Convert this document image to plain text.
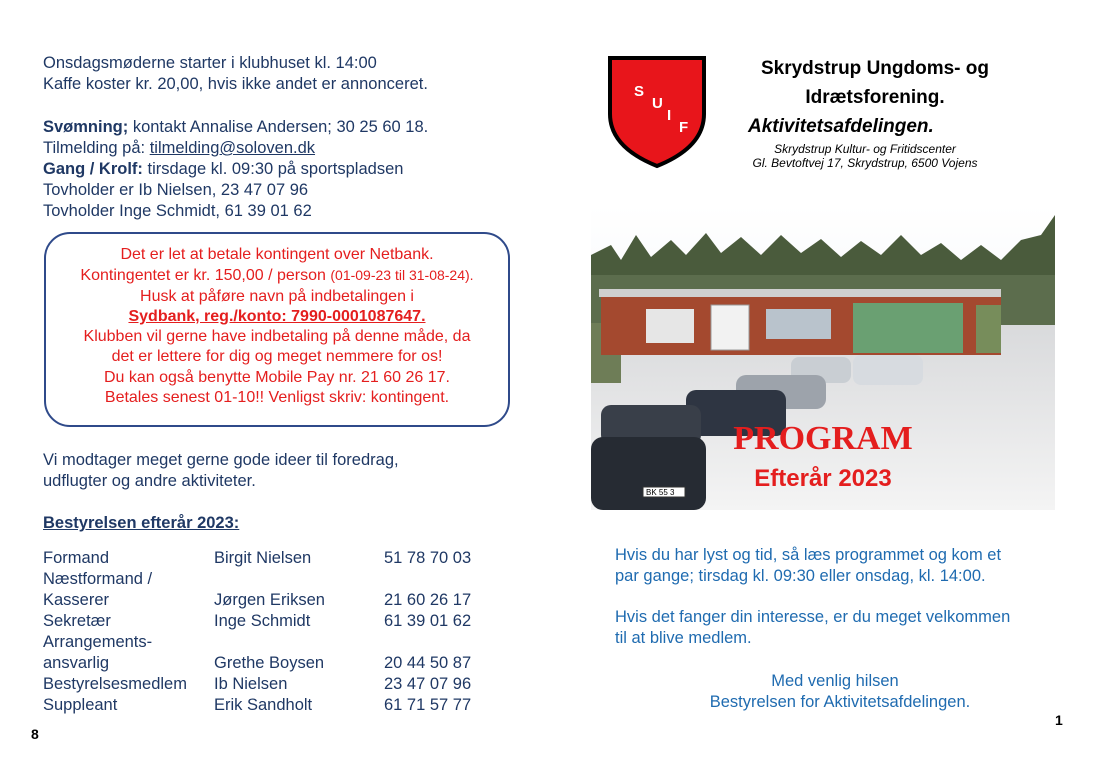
Onsdagsmøderne starter i klubhuset kl. 14:00
Kaffe koster kr. 20,00, hvis ikke andet er annonceret.
Svømning; kontakt Annalise Andersen; 30 25 60 18.
Tilmelding på: tilmelding@soloven.dk
Gang / Krolf: tirsdage kl. 09:30 på sportspladsen
Tovholder er Ib Nielsen, 23 47 07 96
Tovholder Inge Schmidt, 61 39 01 62
Det er let at betale kontingent over Netbank.
Kontingentet er kr. 150,00 / person (01-09-23 til 31-08-24).
Husk at påføre navn på indbetalingen i
Sydbank, reg./konto: 7990-0001087647.
Klubben vil gerne have indbetaling på denne måde, da
det er lettere for dig og meget nemmere for os!
Du kan også benytte Mobile Pay nr. 21 60 26 17.
Betales senest 01-10!! Venligst skriv: kontingent.
Vi modtager meget gerne gode ideer til foredrag,
udflugter og andre aktiviteter.
Bestyrelsen efterår 2023:
Formand	Birgit Nielsen	51 78 70 03
Næstformand /
Kasserer	Jørgen Eriksen	21 60 26 17
Sekretær	Inge Schmidt	61 39 01 62
Arrangements-
ansvarlig	Grethe Boysen	20 44 50 87
Bestyrelsesmedlem Ib Nielsen	23 47 07 96
Suppleant	Erik Sandholt	61 71 57 77
8
S
U
I
F
Skrydstrup Ungdoms- og
Idrætsforening.
Aktivitetsafdelingen.
Skrydstrup Kultur- og Fritidscenter
Gl. Bevtoftvej 17, Skrydstrup, 6500 Vojens
BK 55 3
PROGRAM
Efterår 2023
Hvis du har lyst og tid, så læs programmet og kom et
par gange; tirsdag kl. 09:30 eller onsdag, kl. 14:00.
Hvis det fanger din interesse, er du meget velkommen
til at blive medlem.
Med venlig hilsen
Bestyrelsen for Aktivitetsafdelingen.
1
